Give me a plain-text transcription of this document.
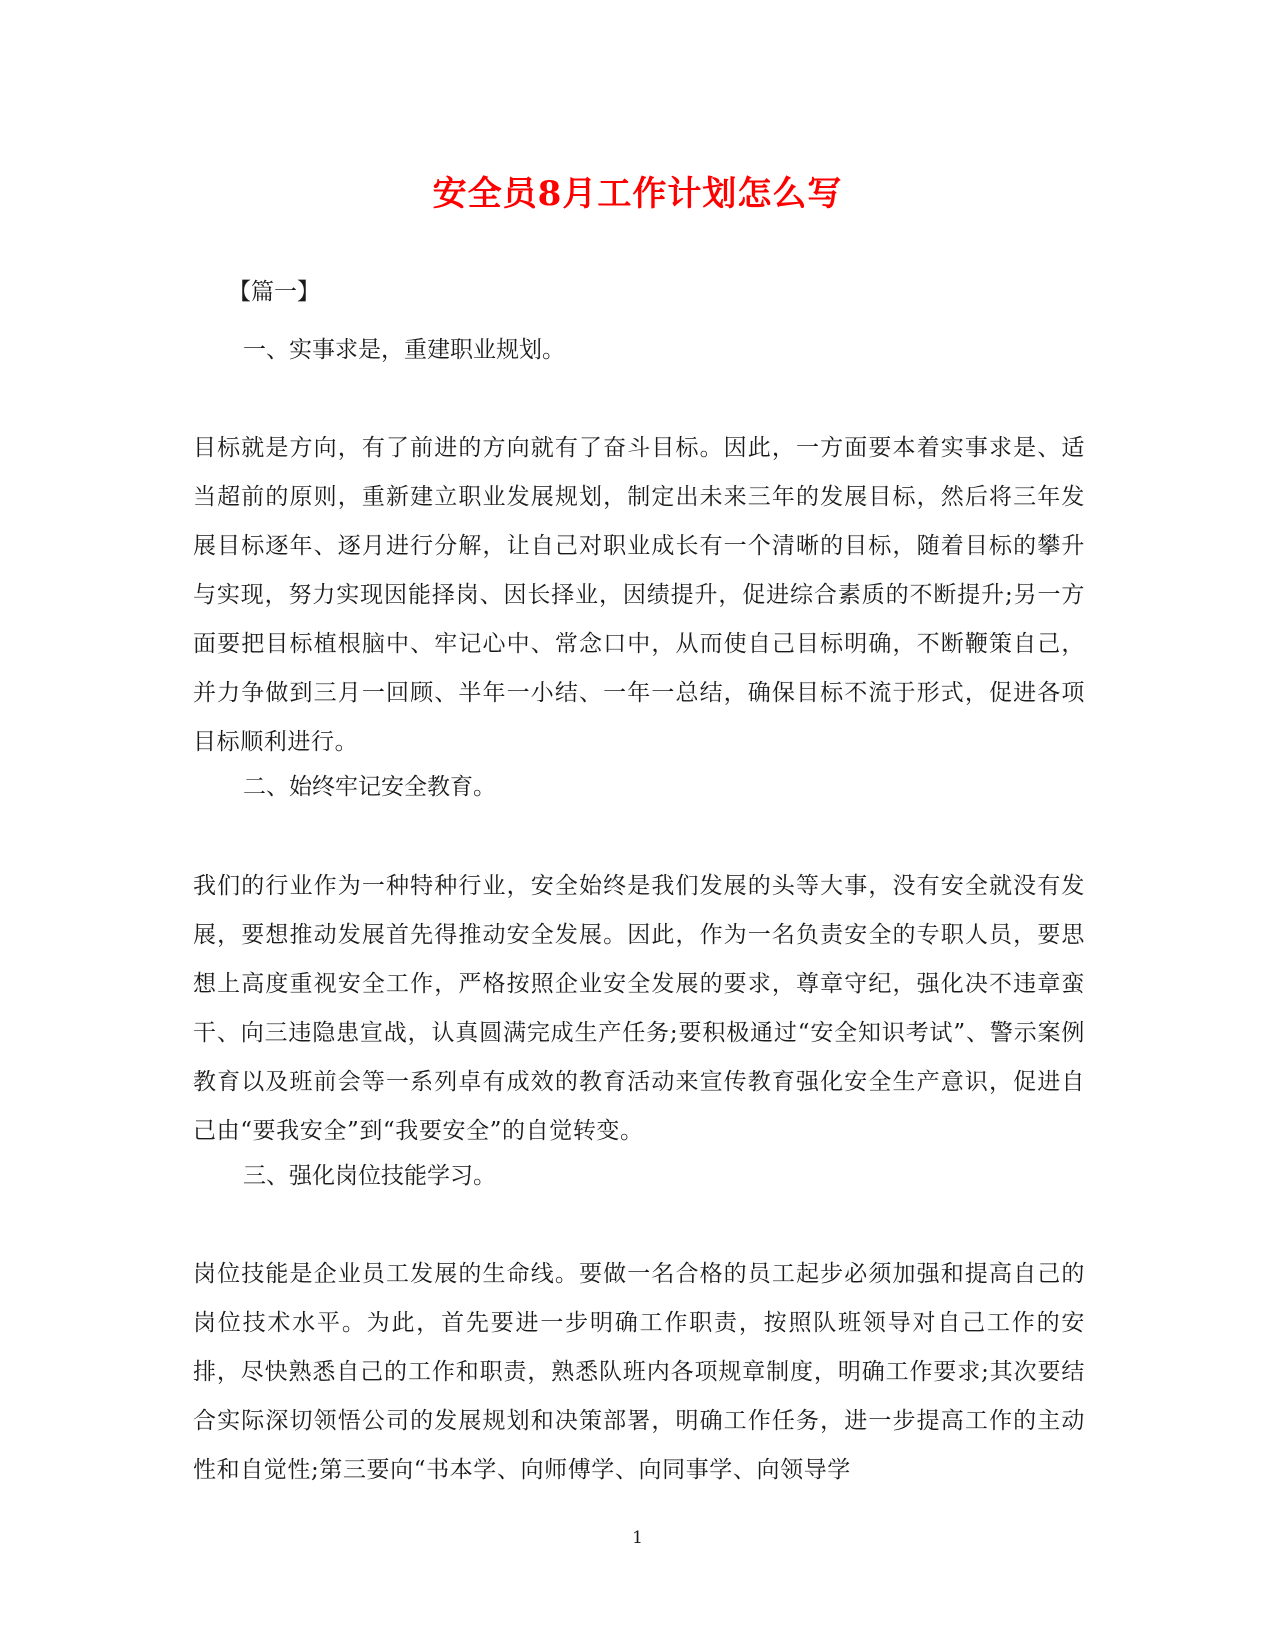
安全员8月工作计划怎么写
【篇一】
一、实事求是，重建职业规划。
目标就是方向，有了前进的方向就有了奋斗目标。因此，一方面要本着实事求是、适当超前的原则，重新建立职业发展规划，制定出未来三年的发展目标，然后将三年发展目标逐年、逐月进行分解，让自己对职业成长有一个清晰的目标，随着目标的攀升与实现，努力实现因能择岗、因长择业，因绩提升，促进综合素质的不断提升;另一方面要把目标植根脑中、牢记心中、常念口中，从而使自己目标明确，不断鞭策自己，并力争做到三月一回顾、半年一小结、一年一总结，确保目标不流于形式，促进各项目标顺利进行。
二、始终牢记安全教育。
我们的行业作为一种特种行业，安全始终是我们发展的头等大事，没有安全就没有发展，要想推动发展首先得推动安全发展。因此，作为一名负责安全的专职人员，要思想上高度重视安全工作，严格按照企业安全发展的要求，尊章守纪，强化决不违章蛮干、向三违隐患宣战，认真圆满完成生产任务;要积极通过“安全知识考试”、警示案例教育以及班前会等一系列卓有成效的教育活动来宣传教育强化安全生产意识，促进自己由“要我安全”到“我要安全”的自觉转变。
三、强化岗位技能学习。
岗位技能是企业员工发展的生命线。要做一名合格的员工起步必须加强和提高自己的岗位技术水平。为此，首先要进一步明确工作职责，按照队班领导对自己工作的安排，尽快熟悉自己的工作和职责，熟悉队班内各项规章制度，明确工作要求;其次要结合实际深切领悟公司的发展规划和决策部署，明确工作任务，进一步提高工作的主动性和自觉性;第三要向“书本学、向师傅学、向同事学、向领导学
1
